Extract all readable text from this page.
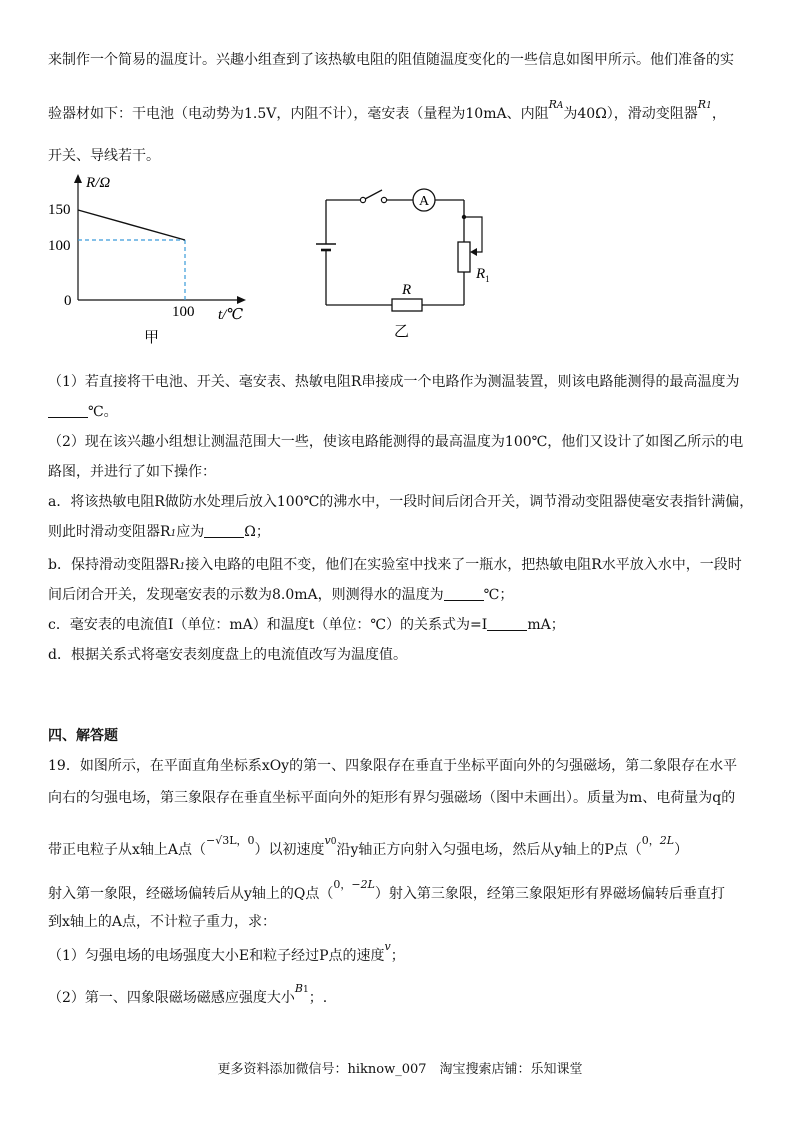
来制作一个简易的温度计。兴趣小组查到了该热敏电阻的阻值随温度变化的一些信息如图甲所示。他们准备的实
验器材如下：干电池（电动势为1.5V，内阻不计），毫安表（量程为10mA、内阻$^{RA}$为40Ω），滑动变阻器$^{R1}$，
开关、导线若干。
R/Ω
t/℃
150
100
0
100
甲
A
$R_1$
R
乙
（1）若直接将干电池、开关、毫安表、热敏电阻R串接成一个电路作为测温装置，则该电路能测得的最高温度为
℃。
（2）现在该兴趣小组想让测温范围大一些，使该电路能测得的最高温度为100℃，他们又设计了如图乙所示的电
路图，并进行了如下操作：
a．将该热敏电阻R做防水处理后放入100℃的沸水中，一段时间后闭合开关，调节滑动变阻器使毫安表指针满偏，
则此时滑动变阻器R1应为	Ω；
b．保持滑动变阻器R1接入电路的电阻不变，他们在实验室中找来了一瓶水，把热敏电阻R水平放入水中，一段时
间后闭合开关，发现毫安表的示数为8.0mA，则测得水的温度为	℃；
c．毫安表的电流值I（单位：mA）和温度t（单位：℃）的关系式为=I	mA；
d．根据关系式将毫安表刻度盘上的电流值改写为温度值。
四、解答题
19．如图所示，在平面直角坐标系xOy的第一、四象限存在垂直于坐标平面向外的匀强磁场，第二象限存在水平
向右的匀强电场，第三象限存在垂直坐标平面向外的矩形有界匀强磁场（图中未画出）。质量为m、电荷量为q的
带正电粒子从x轴上A点（$^{-√3L,0}$）以初速度$^{v0}$沿y轴正方向射入匀强电场，然后从y轴上的P点（$^{0,2L}$）
射入第一象限，经磁场偏转后从y轴上的Q点（$^{0,-2L}$）射入第三象限，经第三象限矩形有界磁场偏转后垂直打
到x轴上的A点，不计粒子重力，求：
（1）匀强电场的电场强度大小E和粒子经过P点的速度$^v$；
（2）第一、四象限磁场磁感应强度大小$^{B1}$；.
更多资料添加微信号：hiknow_007　淘宝搜索店铺：乐知课堂
